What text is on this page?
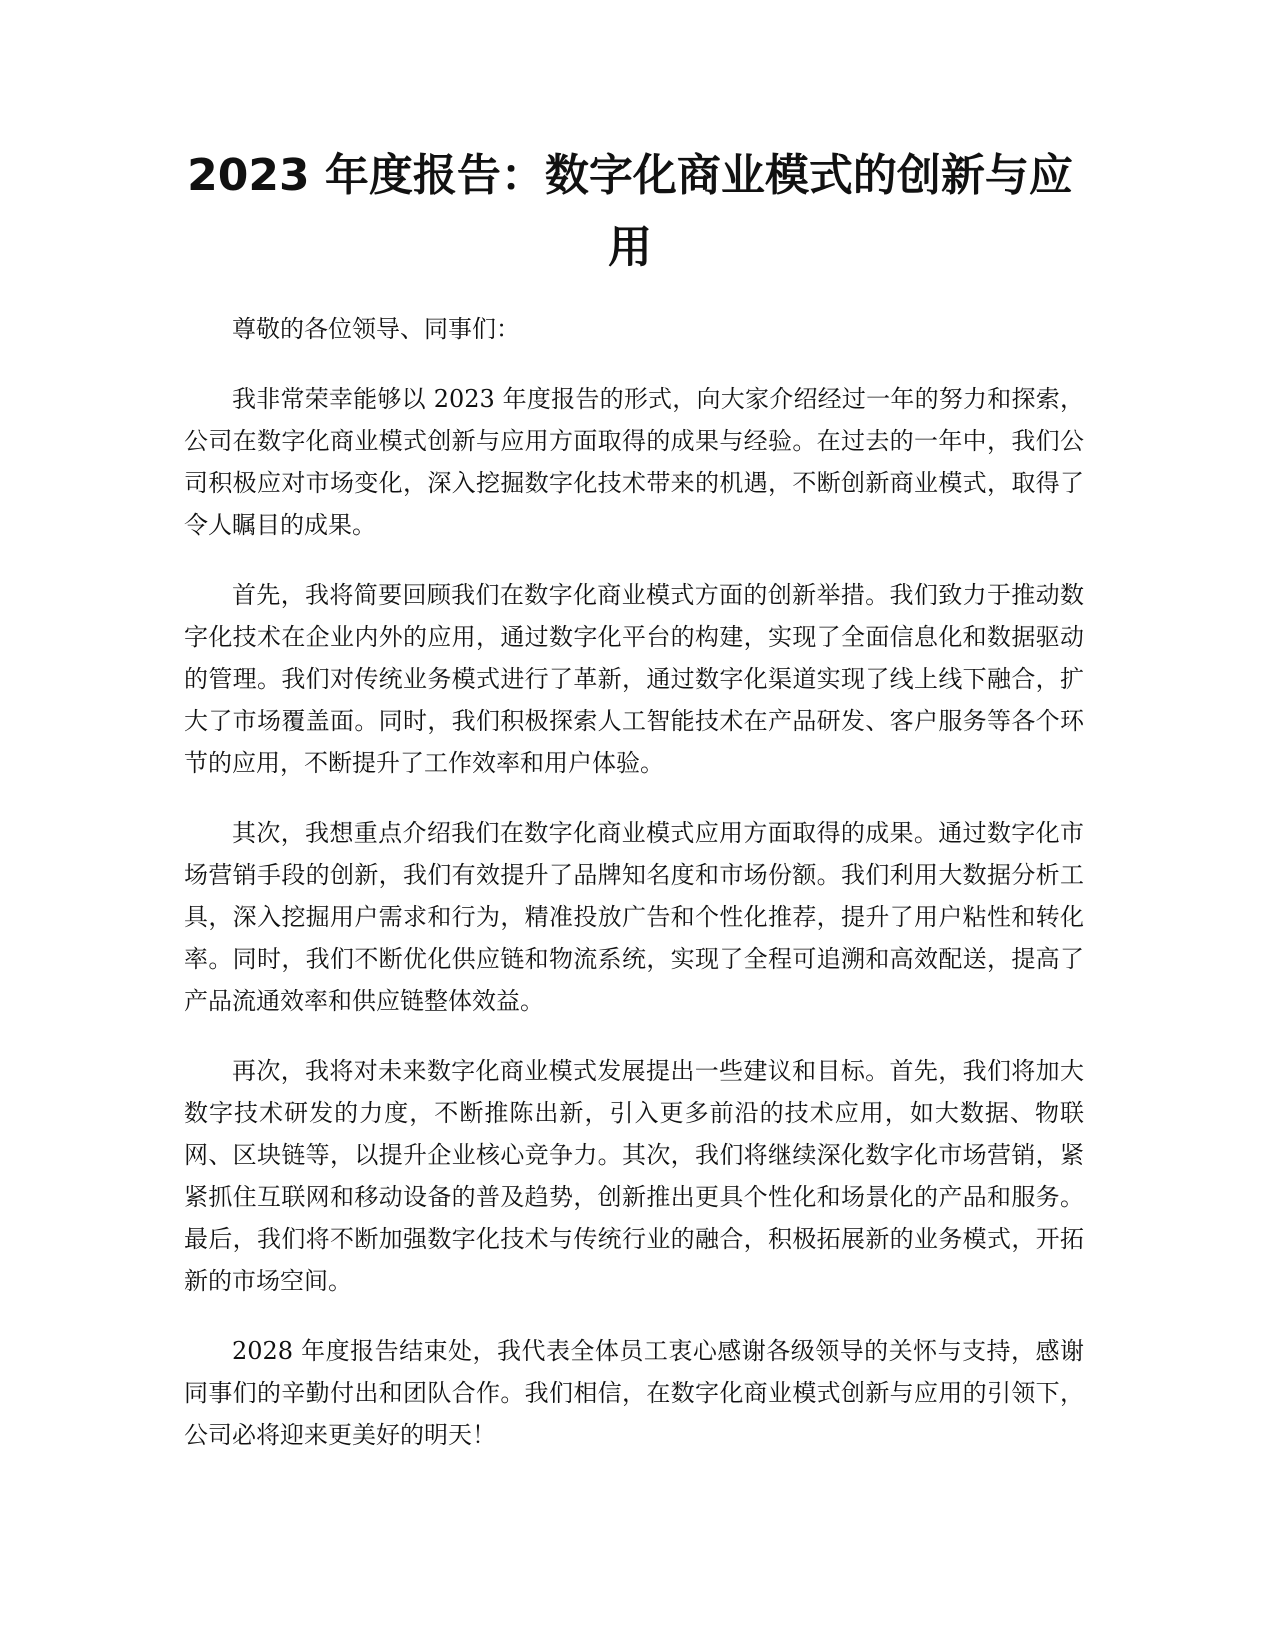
2023 年度报告：数字化商业模式的创新与应用

尊敬的各位领导、同事们：

我非常荣幸能够以 2023 年度报告的形式，向大家介绍经过一年的努力和探索，公司在数字化商业模式创新与应用方面取得的成果与经验。在过去的一年中，我们公司积极应对市场变化，深入挖掘数字化技术带来的机遇，不断创新商业模式，取得了令人瞩目的成果。

首先，我将简要回顾我们在数字化商业模式方面的创新举措。我们致力于推动数字化技术在企业内外的应用，通过数字化平台的构建，实现了全面信息化和数据驱动的管理。我们对传统业务模式进行了革新，通过数字化渠道实现了线上线下融合，扩大了市场覆盖面。同时，我们积极探索人工智能技术在产品研发、客户服务等各个环节的应用，不断提升了工作效率和用户体验。

其次，我想重点介绍我们在数字化商业模式应用方面取得的成果。通过数字化市场营销手段的创新，我们有效提升了品牌知名度和市场份额。我们利用大数据分析工具，深入挖掘用户需求和行为，精准投放广告和个性化推荐，提升了用户粘性和转化率。同时，我们不断优化供应链和物流系统，实现了全程可追溯和高效配送，提高了产品流通效率和供应链整体效益。

再次，我将对未来数字化商业模式发展提出一些建议和目标。首先，我们将加大数字技术研发的力度，不断推陈出新，引入更多前沿的技术应用，如大数据、物联网、区块链等，以提升企业核心竞争力。其次，我们将继续深化数字化市场营销，紧紧抓住互联网和移动设备的普及趋势，创新推出更具个性化和场景化的产品和服务。最后，我们将不断加强数字化技术与传统行业的融合，积极拓展新的业务模式，开拓新的市场空间。

2028 年度报告结束处，我代表全体员工衷心感谢各级领导的关怀与支持，感谢同事们的辛勤付出和团队合作。我们相信，在数字化商业模式创新与应用的引领下，公司必将迎来更美好的明天！
